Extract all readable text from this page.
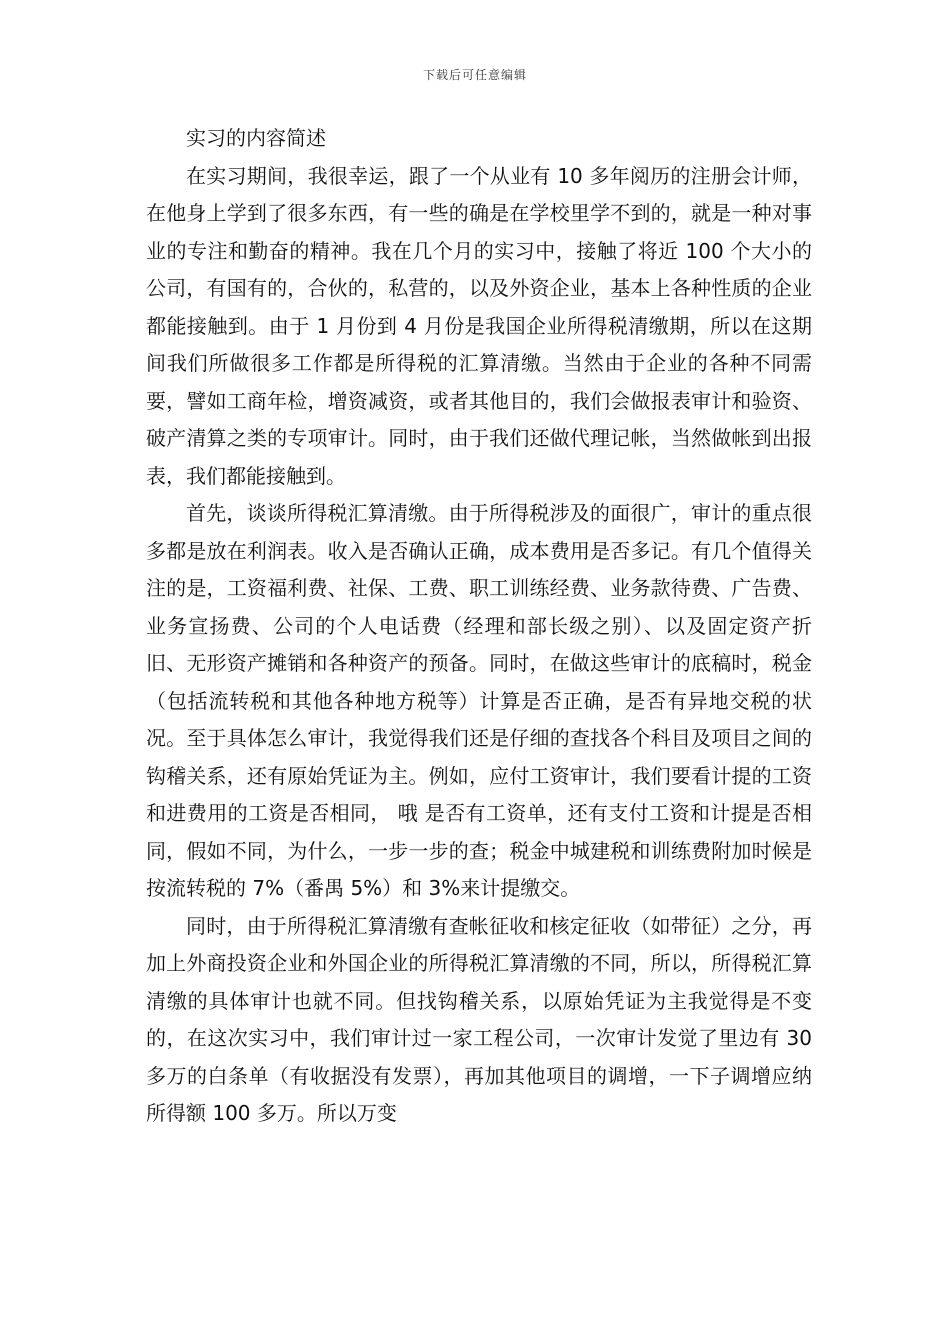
下载后可任意编辑

实习的内容简述

在实习期间，我很幸运，跟了一个从业有 10 多年阅历的注册会计师，在他身上学到了很多东西，有一些的确是在学校里学不到的，就是一种对事业的专注和勤奋的精神。我在几个月的实习中，接触了将近 100 个大小的公司，有国有的，合伙的，私营的，以及外资企业，基本上各种性质的企业都能接触到。由于 1 月份到 4 月份是我国企业所得税清缴期，所以在这期间我们所做很多工作都是所得税的汇算清缴。当然由于企业的各种不同需要，譬如工商年检，增资减资，或者其他目的，我们会做报表审计和验资、破产清算之类的专项审计。同时，由于我们还做代理记帐，当然做帐到出报表，我们都能接触到。

首先，谈谈所得税汇算清缴。由于所得税涉及的面很广，审计的重点很多都是放在利润表。收入是否确认正确，成本费用是否多记。有几个值得关注的是，工资福利费、社保、工费、职工训练经费、业务款待费、广告费、业务宣扬费、公司的个人电话费（经理和部长级之别）、以及固定资产折旧、无形资产摊销和各种资产的预备。同时，在做这些审计的底稿时，税金（包括流转税和其他各种地方税等）计算是否正确，是否有异地交税的状况。至于具体怎么审计，我觉得我们还是仔细的查找各个科目及项目之间的钩稽关系，还有原始凭证为主。例如，应付工资审计，我们要看计提的工资和进费用的工资是否相同， 哦 是否有工资单，还有支付工资和计提是否相同，假如不同，为什么，一步一步的查；税金中城建税和训练费附加时候是按流转税的 7%（番禺 5%）和 3%来计提缴交。

同时，由于所得税汇算清缴有查帐征收和核定征收（如带征）之分，再加上外商投资企业和外国企业的所得税汇算清缴的不同，所以，所得税汇算清缴的具体审计也就不同。但找钩稽关系，以原始凭证为主我觉得是不变的，在这次实习中，我们审计过一家工程公司，一次审计发觉了里边有 30 多万的白条单（有收据没有发票），再加其他项目的调增，一下子调增应纳所得额 100 多万。所以万变
